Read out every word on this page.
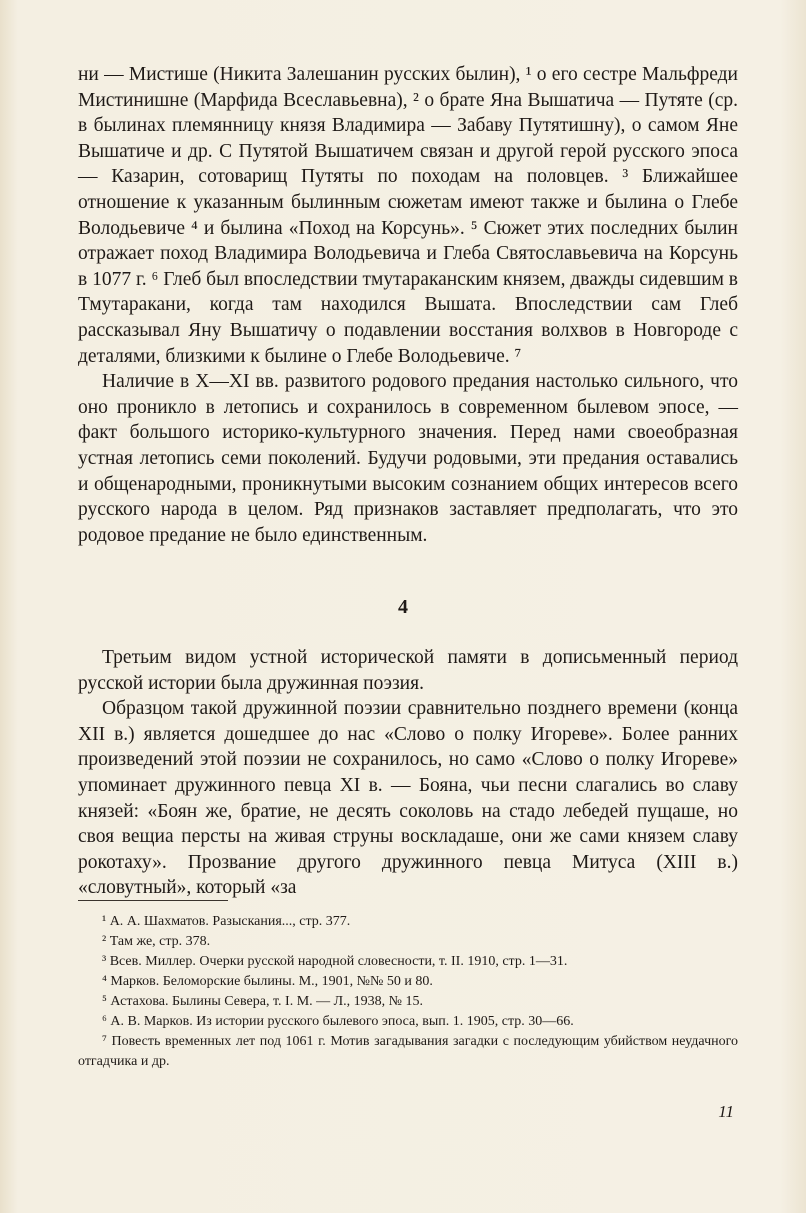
ни — Мистише (Никита Залешанин русских былин), ¹ о его сестре Мальфреди Мистинишне (Марфида Всеславьевна), ² о брате Яна Вышатича — Путяте (ср. в былинах племянницу князя Владимира — Забаву Путятишну), о самом Яне Вышатиче и др. С Путятой Вышатичем связан и другой герой русского эпоса — Казарин, сотоварищ Путяты по походам на половцев. ³ Ближайшее отношение к указанным былинным сюжетам имеют также и былина о Глебе Володьевиче ⁴ и былина «Поход на Корсунь». ⁵ Сюжет этих последних былин отражает поход Владимира Володьевича и Глеба Святославьевича на Корсунь в 1077 г. ⁶ Глеб был впоследствии тмутараканским князем, дважды сидевшим в Тмутаракани, когда там находился Вышата. Впоследствии сам Глеб рассказывал Яну Вышатичу о подавлении восстания волхвов в Новгороде с деталями, близкими к былине о Глебе Володьевиче. ⁷

Наличие в X—XI вв. развитого родового предания настолько сильного, что оно проникло в летопись и сохранилось в современном былевом эпосе, — факт большого историко-культурного значения. Перед нами своеобразная устная летопись семи поколений. Будучи родовыми, эти предания оставались и общенародными, проникнутыми высоким сознанием общих интересов всего русского народа в целом. Ряд признаков заставляет предполагать, что это родовое предание не было единственным.

4

Третьим видом устной исторической памяти в дописьменный период русской истории была дружинная поэзия.

Образцом такой дружинной поэзии сравнительно позднего времени (конца XII в.) является дошедшее до нас «Слово о полку Игореве». Более ранних произведений этой поэзии не сохранилось, но само «Слово о полку Игореве» упоминает дружинного певца XI в. — Бояна, чьи песни слагались во славу князей: «Боян же, братие, не десять соколовь на стадо лебедей пущаше, но своя вещиа персты на живая струны воскладаше, они же сами князем славу рокотаху». Прозвание другого дружинного певца Митуса (XIII в.) «словутный», который «за

¹ А. А. Шахматов. Разыскания..., стр. 377.

² Там же, стр. 378.

³ Всев. Миллер. Очерки русской народной словесности, т. II. 1910, стр. 1—31.

⁴ Марков. Беломорские былины. М., 1901, №№ 50 и 80.

⁵ Астахова. Былины Севера, т. I. М. — Л., 1938, № 15.

⁶ А. В. Марков. Из истории русского былевого эпоса, вып. 1. 1905, стр. 30—66.

⁷ Повесть временных лет под 1061 г. Мотив загадывания загадки с последующим убийством неудачного отгадчика и др.

11
